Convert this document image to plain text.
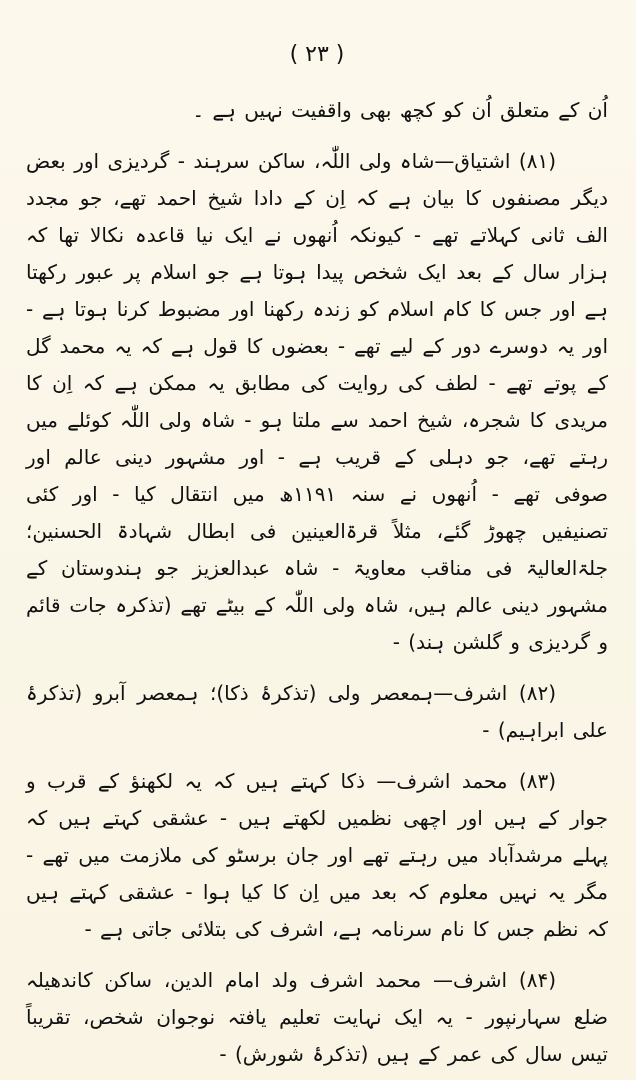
( ۲۳ )

اُن کے متعلق اُن کو کچھ بھی واقفیت نہیں ہے ۔

(۸۱) اشتیاق—شاہ ولی اللّٰہ، ساکن سرہند - گردیزی اور بعض دیگر مصنفوں کا بیان ہے کہ اِن کے دادا شیخ احمد تھے، جو مجدد الف ثانی کہلاتے تھے - کیونکہ اُنھوں نے ایک نیا قاعدہ نکالا تھا کہ ہزار سال کے بعد ایک شخص پیدا ہوتا ہے جو اسلام پر عبور رکھتا ہے اور جس کا کام اسلام کو زندہ رکھنا اور مضبوط کرنا ہوتا ہے - اور یہ دوسرے دور کے لیے تھے - بعضوں کا قول ہے کہ یہ محمد گل کے پوتے تھے - لطف کی روایت کی مطابق یہ ممکن ہے کہ اِن کا مریدی کا شجرہ، شیخ احمد سے ملتا ہو - شاہ ولی اللّٰہ کوئلے میں رہتے تھے، جو دہلی کے قریب ہے - اور مشہور دینی عالم اور صوفی تھے - اُنھوں نے سنہ ۱۱۹۱ھ میں انتقال کیا - اور کئی تصنیفیں چھوڑ گئے، مثلاً قرۃالعینین فی ابطال شہادۃ الحسنین؛ جلۃالعالیۃ فی مناقب معاویۃ - شاہ عبدالعزیز جو ہندوستان کے مشہور دینی عالم ہیں، شاہ ولی اللّٰہ کے بیٹے تھے (تذکرہ جات قائم و گردیزی و گلشن ہند) -

(۸۲) اشرف—ہمعصر ولی (تذکرۂ ذکا)؛ ہمعصر آبرو (تذکرۂ علی ابراہیم) -

(۸۳) محمد اشرف— ذکا کہتے ہیں کہ یہ لکھنؤ کے قرب و جوار کے ہیں اور اچھی نظمیں لکھتے ہیں - عشقی کہتے ہیں کہ پہلے مرشدآباد میں رہتے تھے اور جان برسٹو کی ملازمت میں تھے - مگر یہ نہیں معلوم کہ بعد میں اِن کا کیا ہوا - عشقی کہتے ہیں کہ نظم جس کا نام سرنامہ ہے، اشرف کی بتلائی جاتی ہے -

(۸۴) اشرف— محمد اشرف ولد امام الدین، ساکن کاندھیلہ ضلع سہارنپور - یہ ایک نہایت تعلیم یافتہ نوجوان شخص، تقریباً تیس سال کی عمر کے ہیں (تذکرۂ شورش) -
